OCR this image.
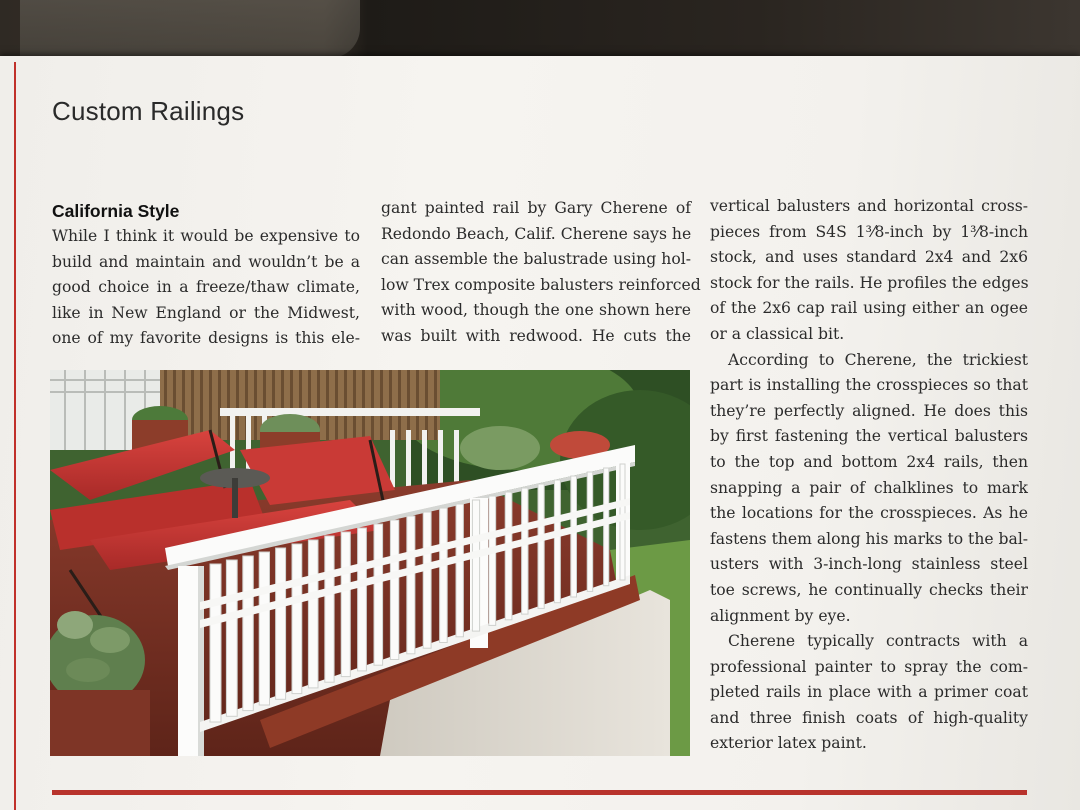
Custom Railings
California Style

While I think it would be expensive to
build and maintain and wouldn’t be a
good choice in a freeze/thaw climate,
like in New England or the Midwest,
one of my favorite designs is this ele-

gant painted rail by Gary Cherene of
Redondo Beach, Calif. Cherene says he
can assemble the balustrade using hol-
low Trex composite balusters reinforced
with wood, though the one shown here
was built with redwood. He cuts the

vertical balusters and horizontal cross-
pieces from S4S 1³⁄8-inch by 1³⁄8-inch
stock, and uses standard 2x4 and 2x6
stock for the rails. He profiles the edges
of the 2x6 cap rail using either an ogee
or a classical bit.

According to Cherene, the trickiest
part is installing the crosspieces so that
they’re perfectly aligned. He does this
by first fastening the vertical balusters
to the top and bottom 2x4 rails, then
snapping a pair of chalklines to mark
the locations for the crosspieces. As he
fastens them along his marks to the bal-
usters with 3-inch-long stainless steel
toe screws, he continually checks their
alignment by eye.

Cherene typically contracts with a
professional painter to spray the com-
pleted rails in place with a primer coat
and three finish coats of high-quality
exterior latex paint.
